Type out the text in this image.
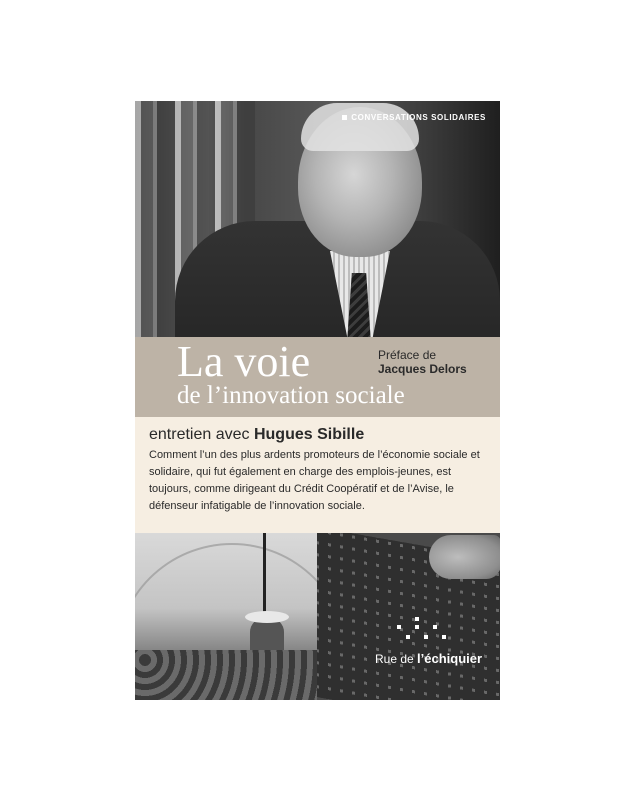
CONVERSATIONS SOLIDAIRES
La voie
de l’innovation sociale
Préface de
Jacques Delors
entretien avec Hugues Sibille
Comment l’un des plus ardents promoteurs de l’économie sociale et solidaire, qui fut également en charge des emplois-jeunes, est toujours, comme dirigeant du Crédit Coopératif et de l’Avise, le défenseur infatigable de l’innovation sociale.
Rue de l’échiquier
